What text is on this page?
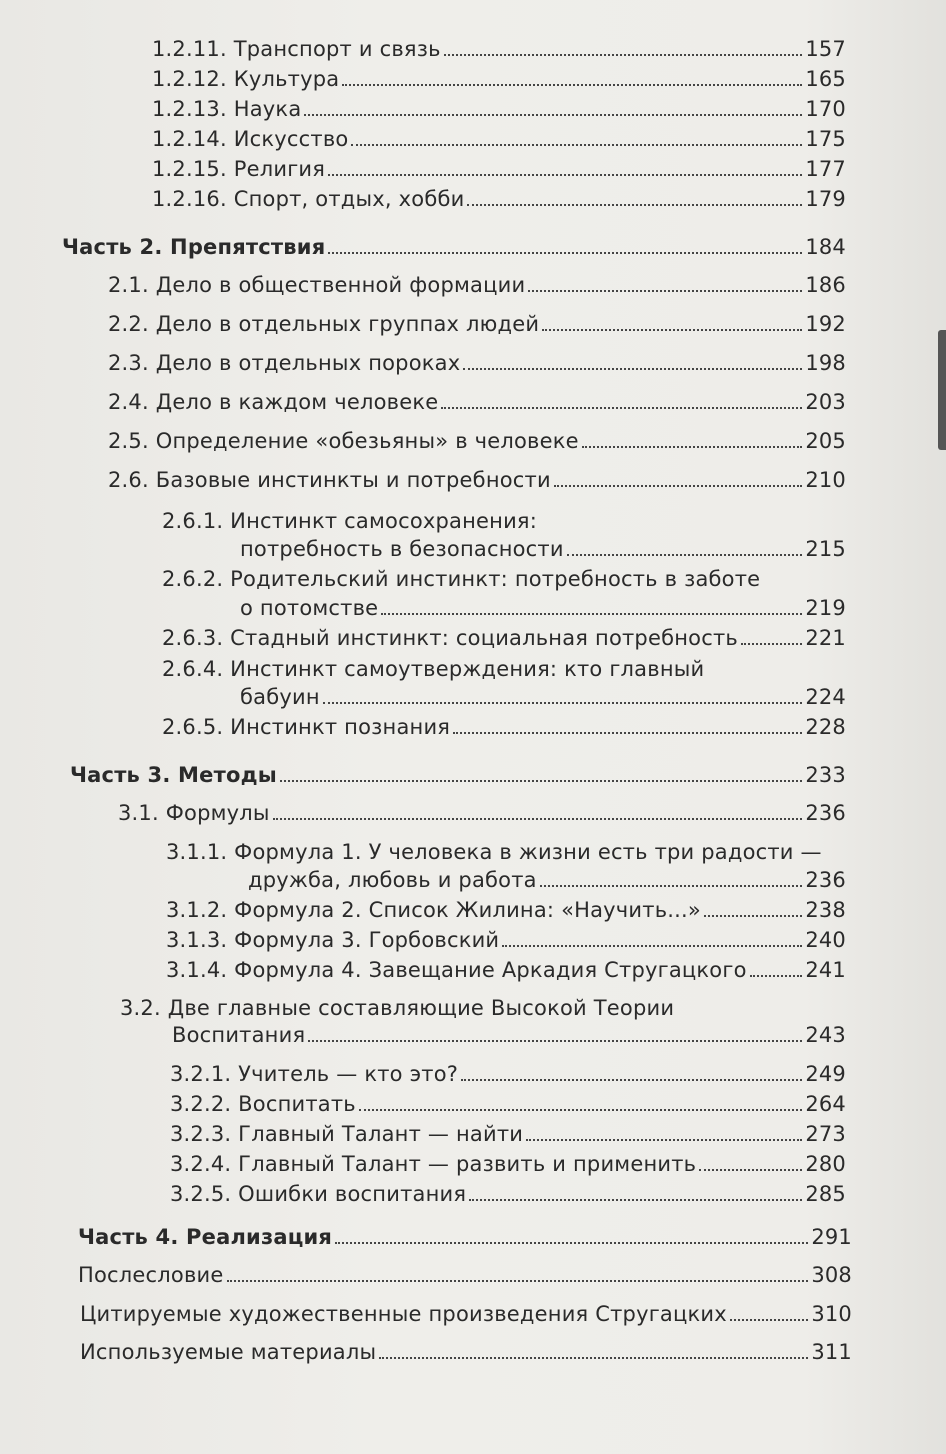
1.2.11. Транспорт и связь	157
1.2.12. Культура	165
1.2.13. Наука	170
1.2.14. Искусство	175
1.2.15. Религия	177
1.2.16. Спорт, отдых, хобби	179
Часть 2. Препятствия	184
2.1. Дело в общественной формации	186
2.2. Дело в отдельных группах людей	192
2.3. Дело в отдельных пороках	198
2.4. Дело в каждом человеке	203
2.5. Определение «обезьяны» в человеке	205
2.6. Базовые инстинкты и потребности	210
2.6.1. Инстинкт самосохранения:
потребность в безопасности	215
2.6.2. Родительский инстинкт: потребность в заботе
о потомстве	219
2.6.3. Стадный инстинкт: социальная потребность	221
2.6.4. Инстинкт самоутверждения: кто главный
бабуин	224
2.6.5. Инстинкт познания	228
Часть 3. Методы	233
3.1. Формулы	236
3.1.1. Формула 1. У человека в жизни есть три радости —
дружба, любовь и работа	236
3.1.2. Формула 2. Список Жилина: «Научить...»	238
3.1.3. Формула 3. Горбовский	240
3.1.4. Формула 4. Завещание Аркадия Стругацкого	241
3.2. Две главные составляющие Высокой Теории
Воспитания	243
3.2.1. Учитель — кто это?	249
3.2.2. Воспитать	264
3.2.3. Главный Талант — найти	273
3.2.4. Главный Талант — развить и применить	280
3.2.5. Ошибки воспитания	285
Часть 4. Реализация	291
Послесловие	308
Цитируемые художественные произведения Стругацких	310
Используемые материалы	311
